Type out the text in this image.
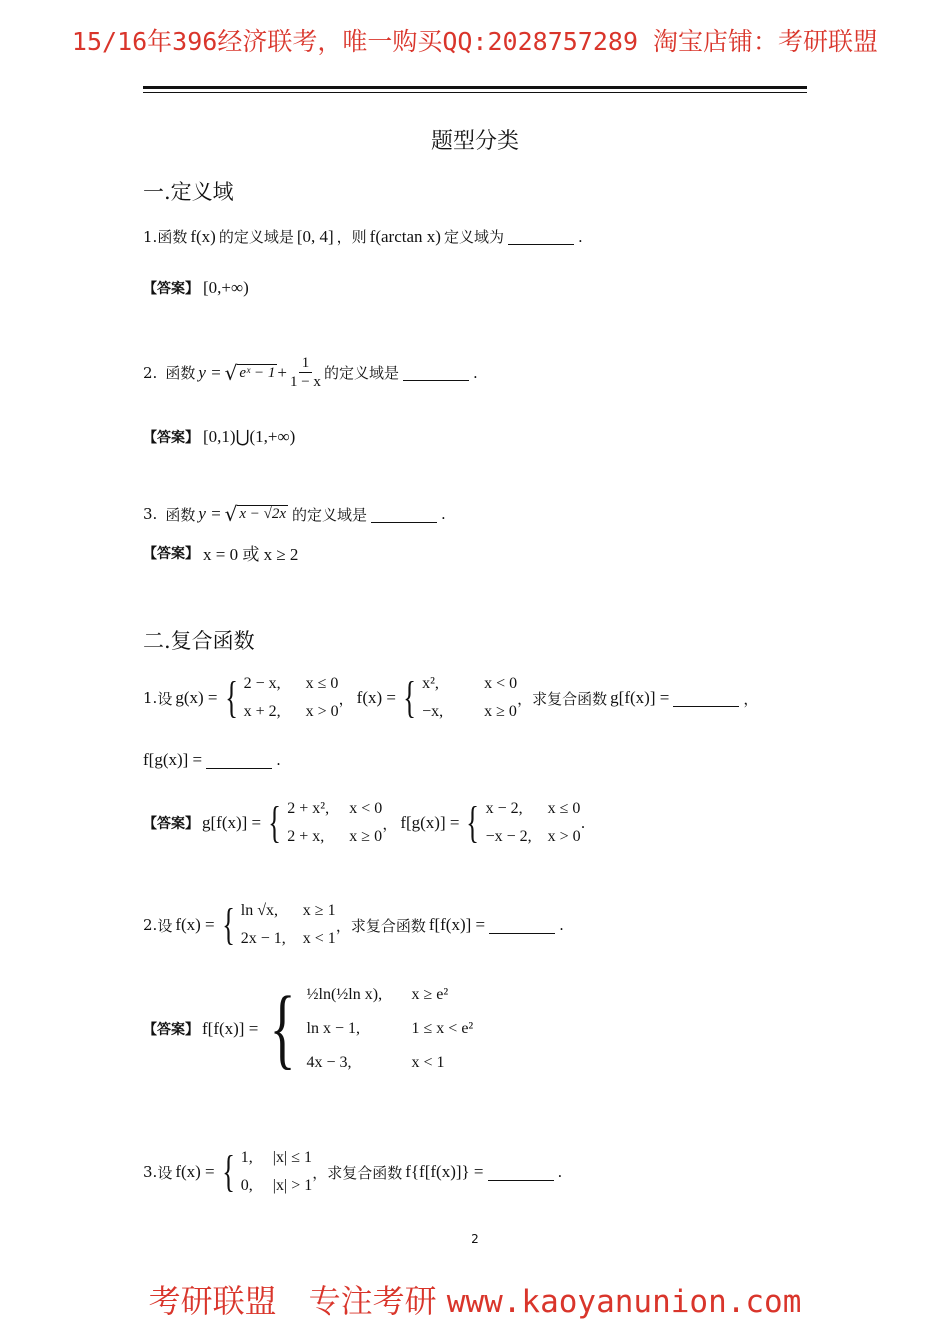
15/16年396经济联考，唯一购买QQ:2028757289 淘宝店铺：考研联盟
题型分类
一.定义域
1. 函数 f(x) 的定义域是 [0, 4] ，则 f(arctan x) 定义域为	.
【答案】 [0,+∞)
2. 函数 y = √ eˣ − $1 + \frac{1}{1 - x}$ 的定义域是	.
【答案】 [0,1)⋃(1,+∞)
3. 函数 y = √ x − √2x 的定义域是	.
【答案】 x = 0 或 x ≥ 2
二.复合函数
1. 设 g(x) = { 2 − x,	x ≤ 0
x + 2,	x > 0
， f(x) = { x²,	x < 0
−x,	x ≥ 0
，求复合函数 g[f(x)] =	，
f[g(x)] =	.
【答案】 g[f(x)] = { 2 + x²,	x < 0
2 + x,	x ≥ 0
， f[g(x)] = { x − 2,	x ≤ 0
−x − 2, x > 0
.
2. 设 f(x) = { ln √x,	x ≥ 1
2x − 1,	x < 1
，求复合函数 f[f(x)] =	.
【答案】 f[f(x)] = { ½ln(½ln x),	x ≥ e²
ln x − 1,	1 ≤ x < e²
4x − 3,	x < 1
3. 设 f(x) = { 1,	|x| ≤ 1
0,	|x| > 1
，求复合函数 f{f[f(x)]} =	.
2
考研联盟　专注考研 www.kaoyanunion.com
